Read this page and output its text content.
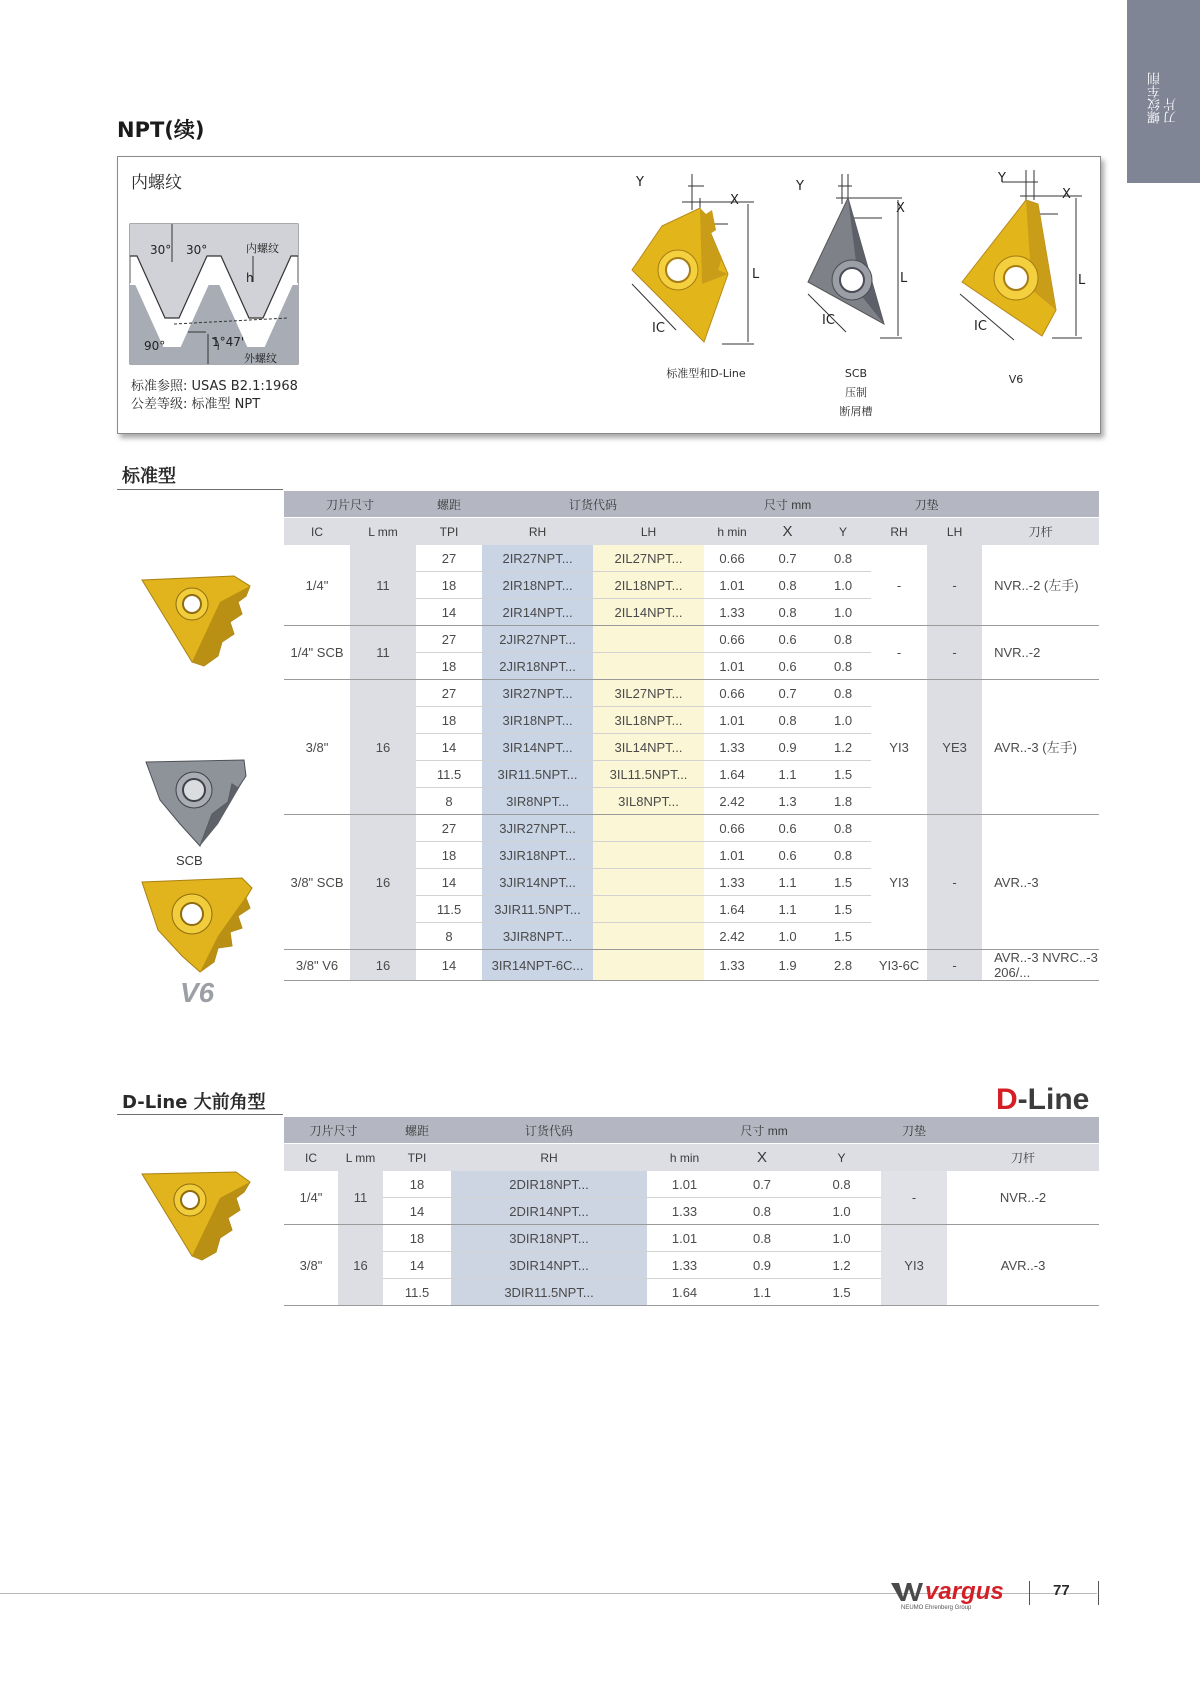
螺纹车削
刀片
NPT(续)
内螺纹
30° 30°	内螺纹
h
90°	1°47'
外螺纹
标准参照: USAS B2.1:1968
公差等级: 标准型 NPT
Y
X
L
IC
Y
X
L
IC
Y
X
L
IC
标准型和D-Line	SCB
压制
断屑槽
V6
标准型
SCB
V6
刀片尺寸		螺距	订货代码		尺寸 mm			刀垫		
IC	L mm	TPI	RH	LH	h min	X	Y	RH	LH	刀杆
1/4"	11	27	2IR27NPT...	2IL27NPT...	0.66	0.7	0.8	-	-	NVR..-2 (左手)
		18	2IR18NPT...	2IL18NPT...	1.01	0.8	1.0			
		14	2IR14NPT...	2IL14NPT...	1.33	0.8	1.0			
1/4" SCB	11	27	2JIR27NPT...		0.66	0.6	0.8	-	-	NVR..-2
		18	2JIR18NPT...		1.01	0.6	0.8			
3/8"	16	27	3IR27NPT...	3IL27NPT...	0.66	0.7	0.8	YI3	YE3	AVR..-3 (左手)
		18	3IR18NPT...	3IL18NPT...	1.01	0.8	1.0			
		14	3IR14NPT...	3IL14NPT...	1.33	0.9	1.2			
		11.5	3IR11.5NPT...	3IL11.5NPT...	1.64	1.1	1.5			
		8	3IR8NPT...	3IL8NPT...	2.42	1.3	1.8			
3/8" SCB	16	27	3JIR27NPT...		0.66	0.6	0.8	YI3	-	AVR..-3
		18	3JIR18NPT...		1.01	0.6	0.8			
		14	3JIR14NPT...		1.33	1.1	1.5			
		11.5	3JIR11.5NPT...		1.64	1.1	1.5			
		8	3JIR8NPT...		2.42	1.0	1.5			
3/8" V6	16	14	3IR14NPT-6C...		1.33	1.9	2.8	YI3-6C	-	AVR..-3 NVRC..-3 206/...
D-Line 大前角型	D-Line
刀片尺寸		螺距	订货代码	尺寸 mm			刀垫	
IC	L mm	TPI	RH	h min	X	Y		刀杆
1/4"	11	18	2DIR18NPT...	1.01	0.7	0.8	-	NVR..-2
		14	2DIR14NPT...	1.33	0.8	1.0		
3/8"	16	18	3DIR18NPT...	1.01	0.8	1.0	YI3	AVR..-3
		14	3DIR14NPT...	1.33	0.9	1.2		
		11.5	3DIR11.5NPT...	1.64	1.1	1.5		
vargus
NEUMO Ehrenberg Group
77
